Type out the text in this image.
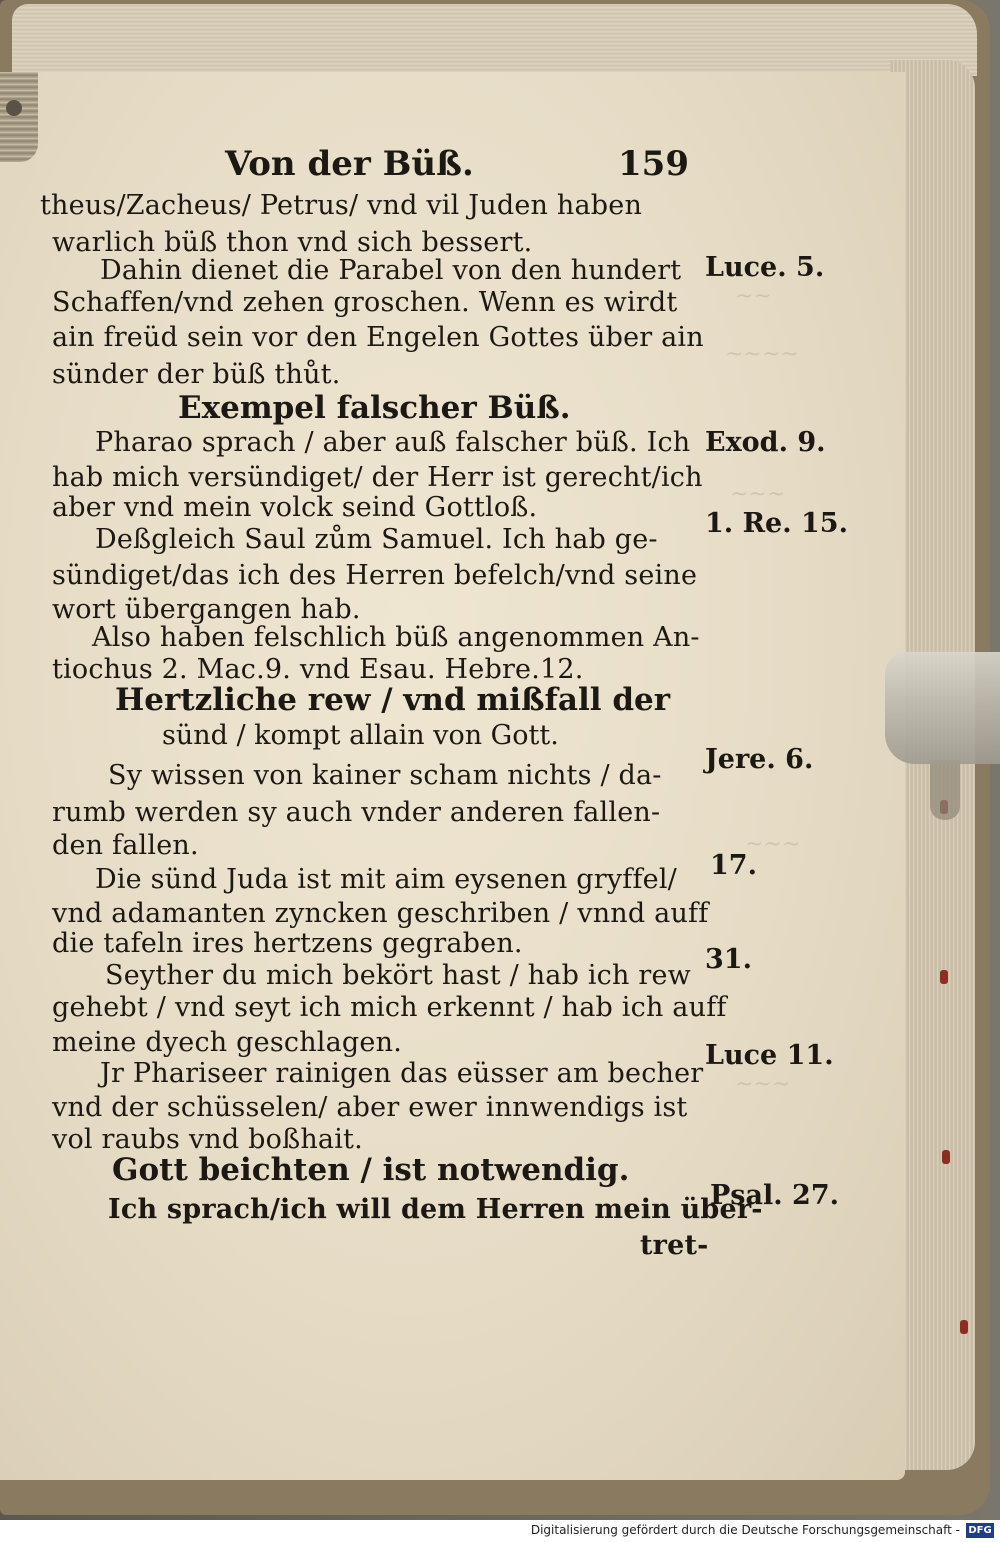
~~
~~~~
~~~
~~~
~~~
Von der Büß.	159
theus/Zacheus/ Petrus/ vnd vil Juden haben
warlich büß thon vnd sich bessert.
Dahin dienet die Parabel von den hundert
Schaffen/vnd zehen groschen. Wenn es wirdt
ain freüd sein vor den Engelen Gottes über ain
sünder der büß thůt.
Exempel falscher Büß.
Pharao sprach / aber auß falscher büß. Ich
hab mich versündiget/ der Herr ist gerecht/ich
aber vnd mein volck seind Gottloß.
Deßgleich Saul zům Samuel. Ich hab ge-
sündiget/das ich des Herren befelch/vnd seine
wort übergangen hab.
Also haben felschlich büß angenommen An-
tiochus 2. Mac.9. vnd Esau. Hebre.12.
Hertzliche rew / vnd mißfall der
sünd / kompt allain von Gott.
Sy wissen von kainer scham nichts / da-
rumb werden sy auch vnder anderen fallen-
den fallen.
Die sünd Juda ist mit aim eysenen gryffel/
vnd adamanten zyncken geschriben / vnnd auff
die tafeln ires hertzens gegraben.
Seyther du mich bekört hast / hab ich rew
gehebt / vnd seyt ich mich erkennt / hab ich auff
meine dyech geschlagen.
Jr Phariseer rainigen das eüsser am becher
vnd der schüsselen/ aber ewer innwendigs ist
vol raubs vnd boßhait.
Gott beichten / ist notwendig.
Ich sprach/ich will dem Herren mein über-
tret-
Luce. 5.
Exod. 9.
1. Re. 15.
Jere. 6.
17.
31.
Luce 11.
Psal. 27.
Digitalisierung gefördert durch die Deutsche Forschungsgemeinschaft - DFG
